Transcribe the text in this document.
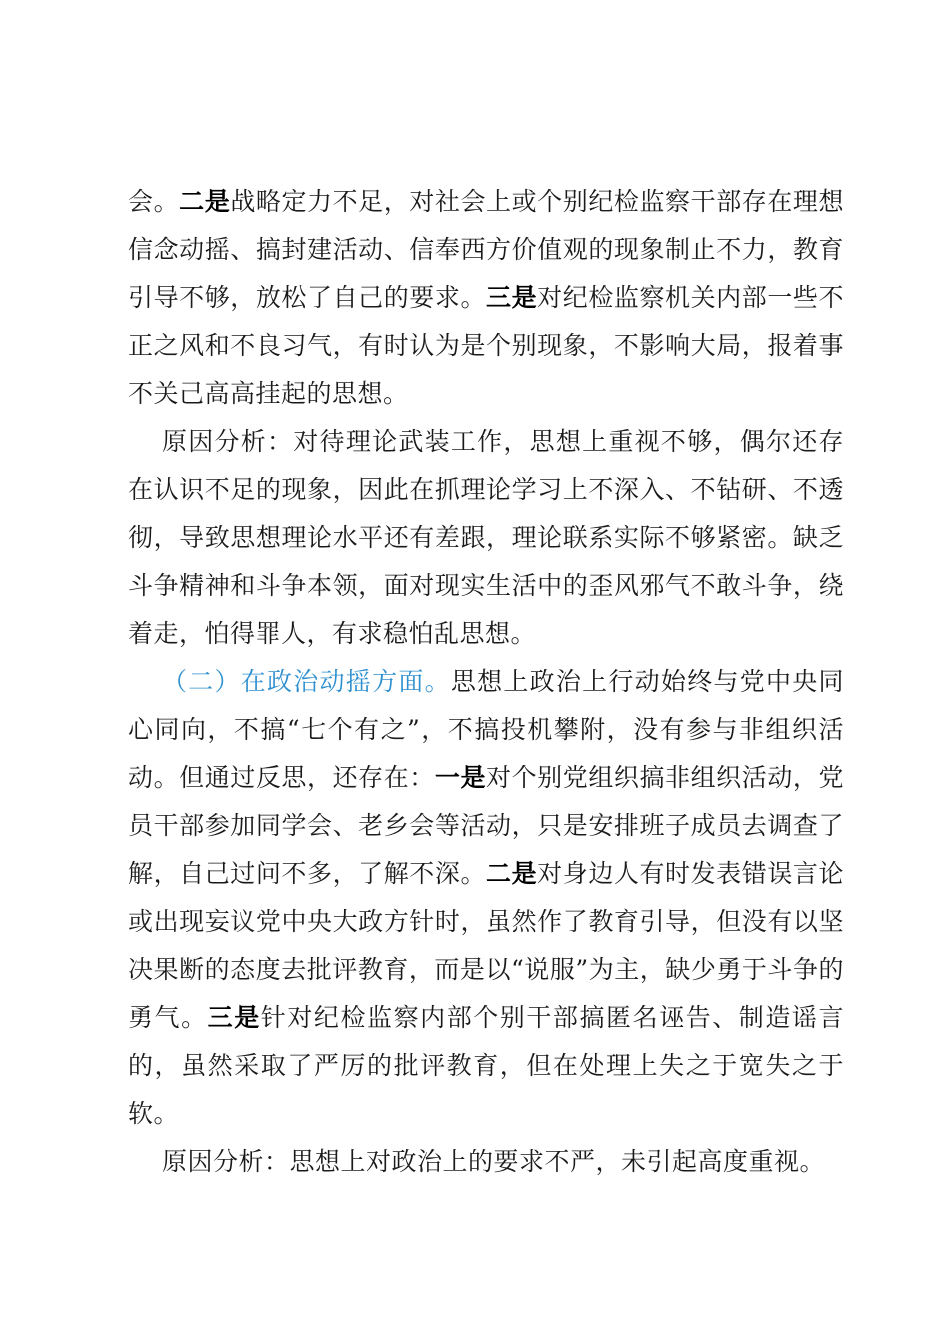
会。二是战略定力不足，对社会上或个别纪检监察干部存在理想信念动摇、搞封建活动、信奉西方价值观的现象制止不力，教育引导不够，放松了自己的要求。三是对纪检监察机关内部一些不正之风和不良习气，有时认为是个别现象，不影响大局，报着事不关己高高挂起的思想。

原因分析：对待理论武装工作，思想上重视不够，偶尔还存在认识不足的现象，因此在抓理论学习上不深入、不钻研、不透彻，导致思想理论水平还有差跟，理论联系实际不够紧密。缺乏斗争精神和斗争本领，面对现实生活中的歪风邪气不敢斗争，绕着走，怕得罪人，有求稳怕乱思想。

（二）在政治动摇方面。思想上政治上行动始终与党中央同心同向，不搞“七个有之”，不搞投机攀附，没有参与非组织活动。但通过反思，还存在：一是对个别党组织搞非组织活动，党员干部参加同学会、老乡会等活动，只是安排班子成员去调查了解，自己过问不多，了解不深。二是对身边人有时发表错误言论或出现妄议党中央大政方针时，虽然作了教育引导，但没有以坚决果断的态度去批评教育，而是以“说服”为主，缺少勇于斗争的勇气。三是针对纪检监察内部个别干部搞匿名诬告、制造谣言的，虽然采取了严厉的批评教育，但在处理上失之于宽失之于软。

原因分析：思想上对政治上的要求不严，未引起高度重视。
